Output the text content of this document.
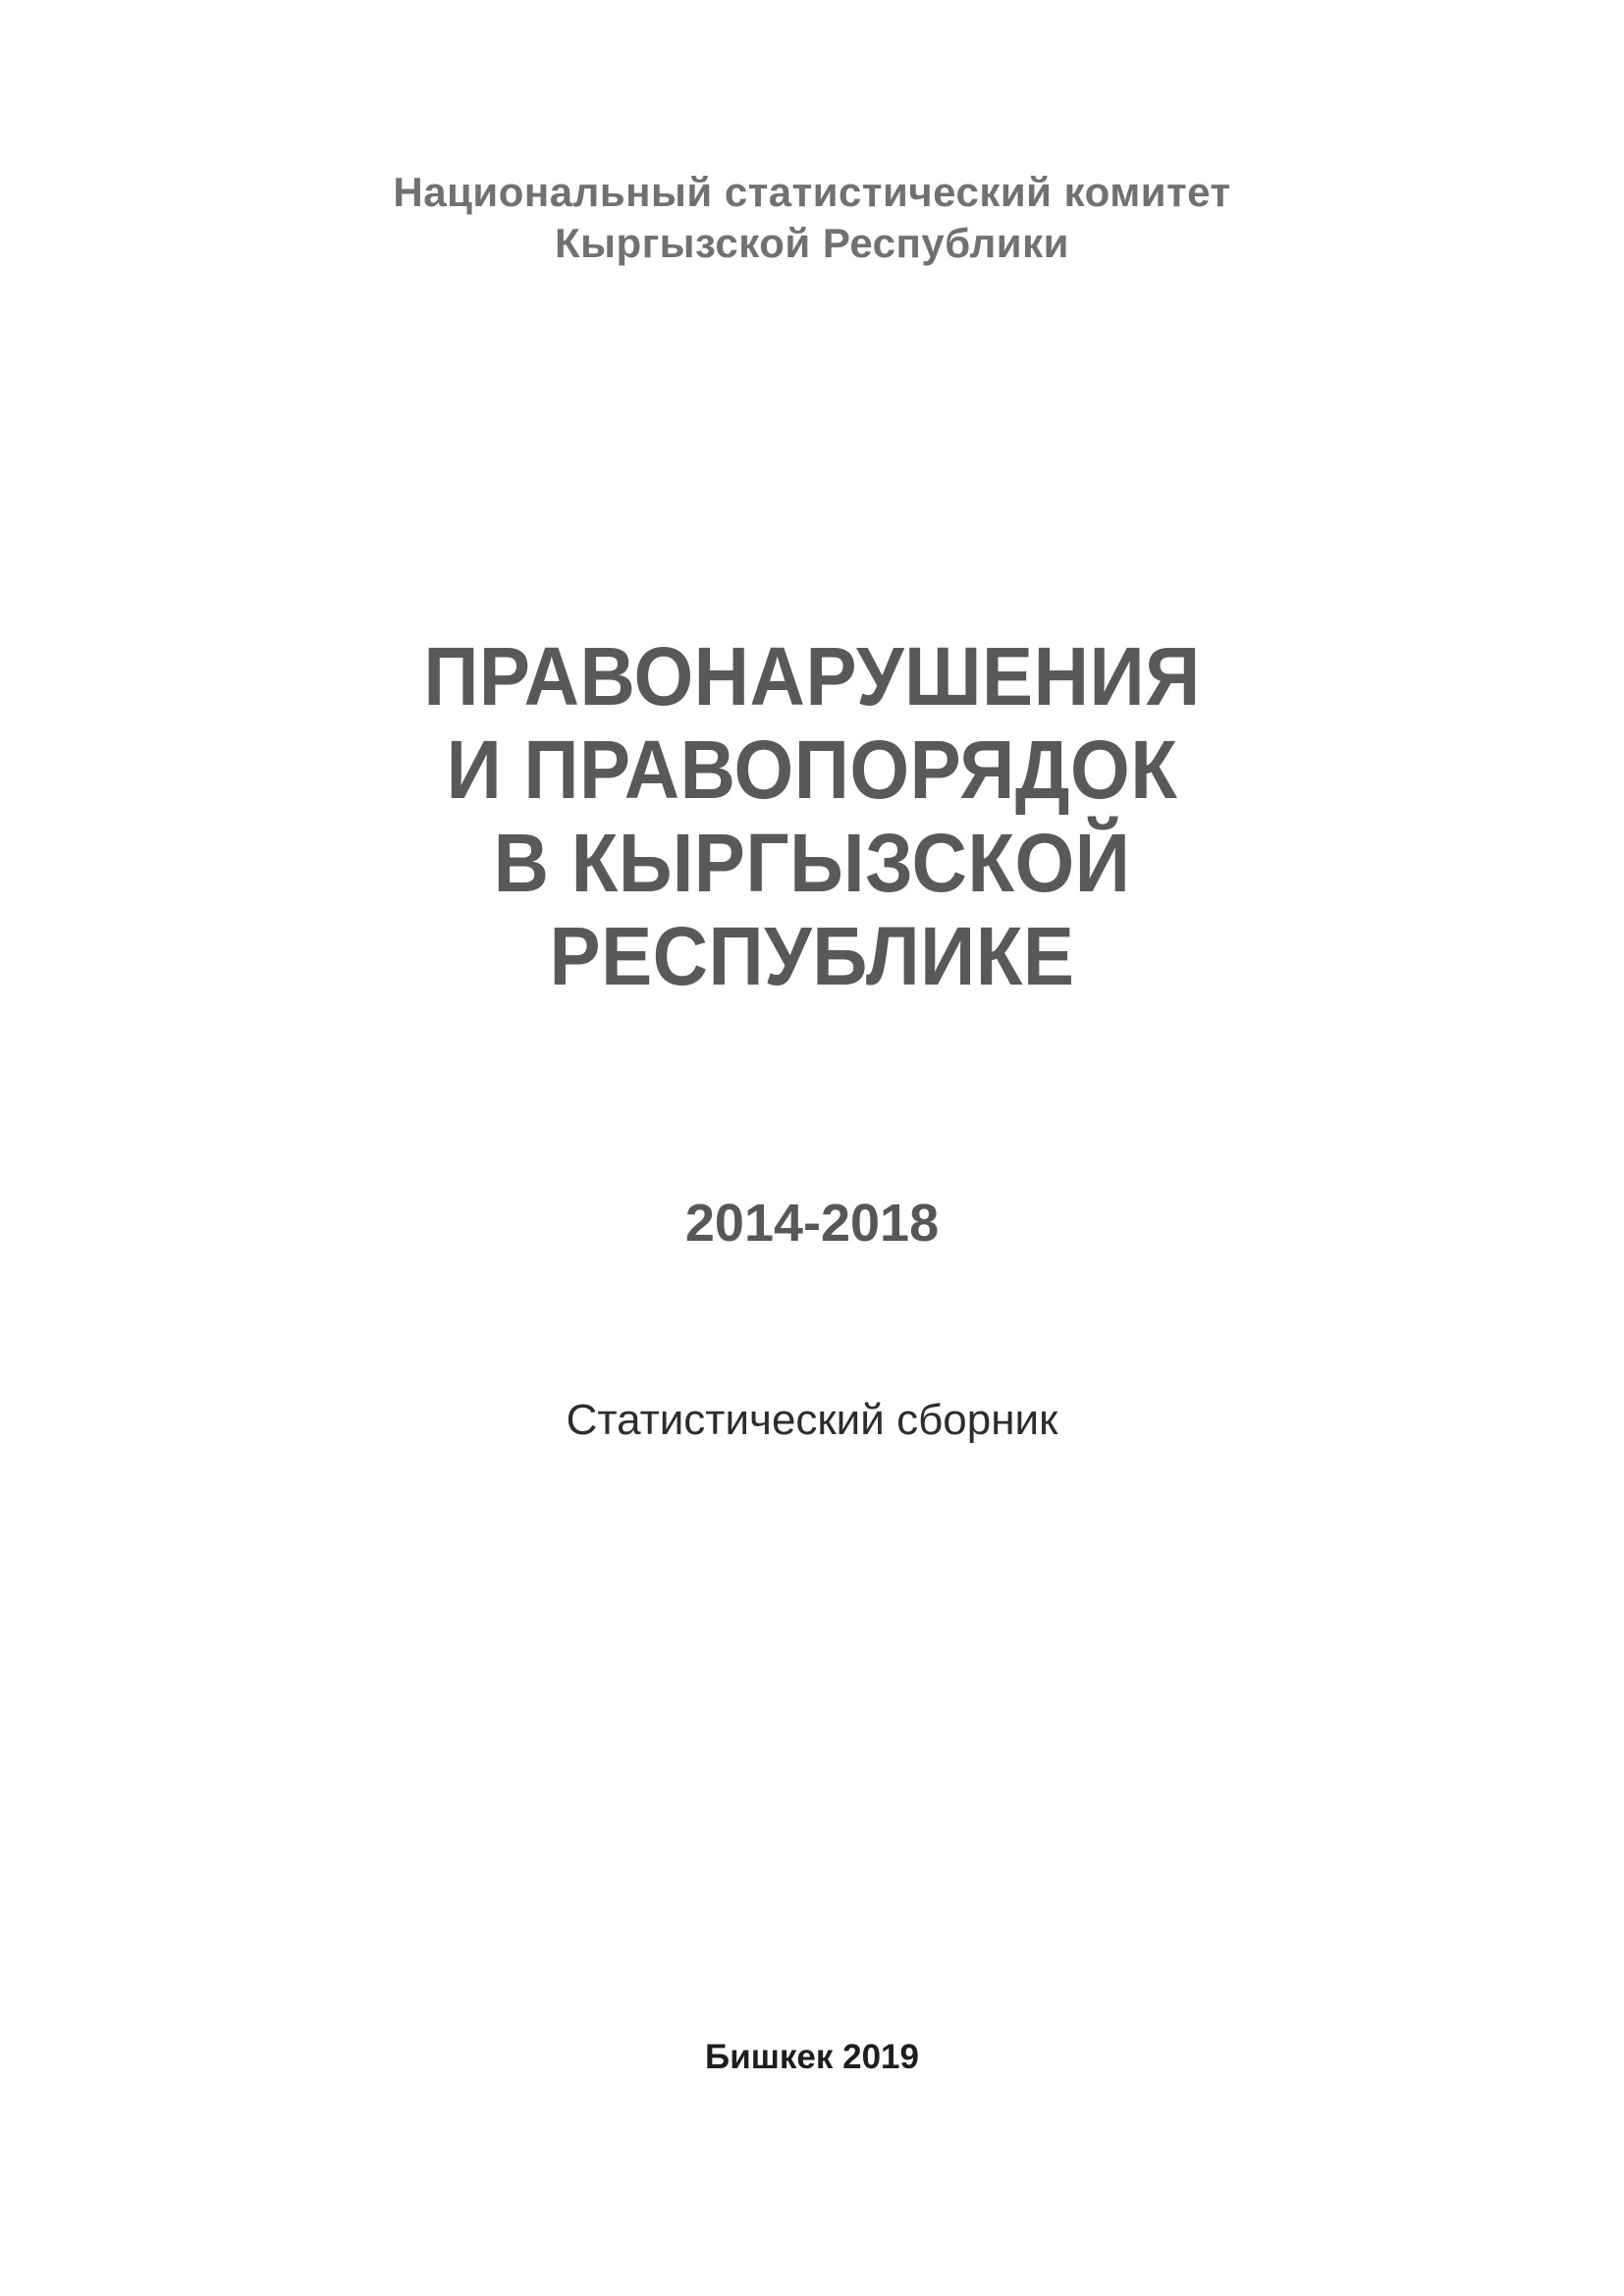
Национальный статистический комитет
Кыргызской Республики
ПРАВОНАРУШЕНИЯ
И ПРАВОПОРЯДОК
В КЫРГЫЗСКОЙ
РЕСПУБЛИКЕ
2014-2018
Статистический сборник
Бишкек 2019
